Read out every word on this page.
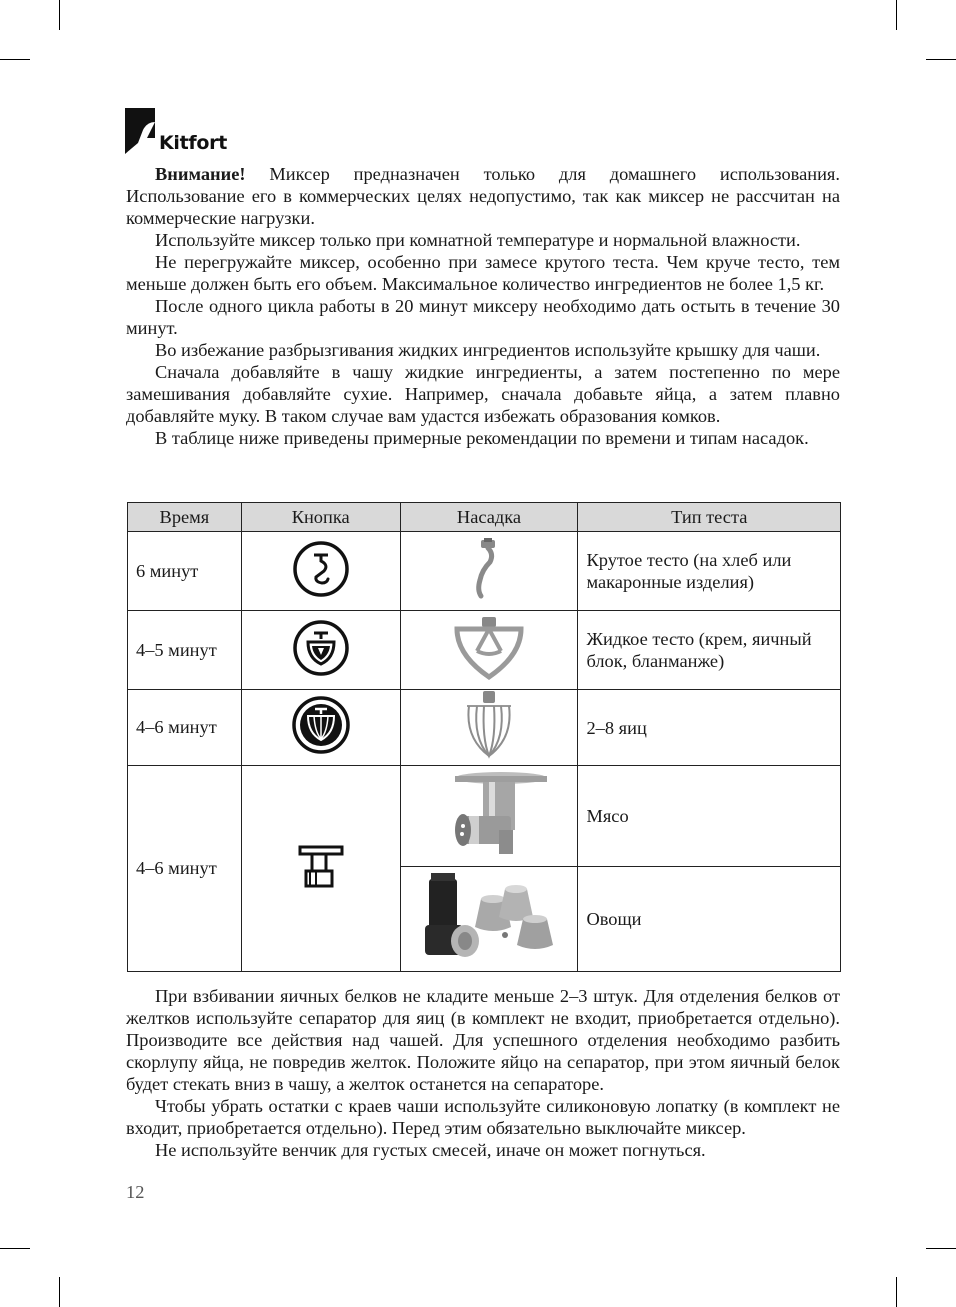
Kitfort

Внимание! Миксер предназначен только для домашнего использования. Использование его в коммерческих целях недопустимо, так как миксер не рассчитан на коммерческие нагрузки.

Используйте миксер только при комнатной температуре и нормальной влажности.

Не перегружайте миксер, особенно при замесе крутого теста. Чем круче тесто, тем меньше должен быть его объем. Максимальное количество ингредиентов не более 1,5 кг.

После одного цикла работы в 20 минут миксеру необходимо дать остыть в течение 30 минут.

Во избежание разбрызгивания жидких ингредиентов используйте крышку для чаши.

Сначала добавляйте в чашу жидкие ингредиенты, а затем постепенно по мере замешивания добавляйте сухие. Например, сначала добавьте яйца, а затем плавно добавляйте муку. В таком случае вам удастся избежать образования комков.

В таблице ниже приведены примерные рекомендации по времени и типам насадок.

Время	Кнопка	Насадка	Тип теста
6 минут			Крутое тесто (на хлеб или макаронные изделия)
4–5 минут			Жидкое тесто (крем, яичный блок, бланманже)
4–6 минут			2–8 яиц
4–6 минут			Мясо
	Овощи

При взбивании яичных белков не кладите меньше 2–3 штук. Для отделения белков от желтков используйте сепаратор для яиц (в комплект не входит, приобретается отдельно). Производите все действия над чашей. Для успешного отделения необходимо разбить скорлупу яйца, не повредив желток. Положите яйцо на сепаратор, при этом яичный белок будет стекать вниз в чашу, а желток останется на сепараторе.

Чтобы убрать остатки с краев чаши используйте силиконовую лопатку (в комплект не входит, приобретается отдельно). Перед этим обязательно выключайте миксер.

Не используйте венчик для густых смесей, иначе он может погнуться.

12
